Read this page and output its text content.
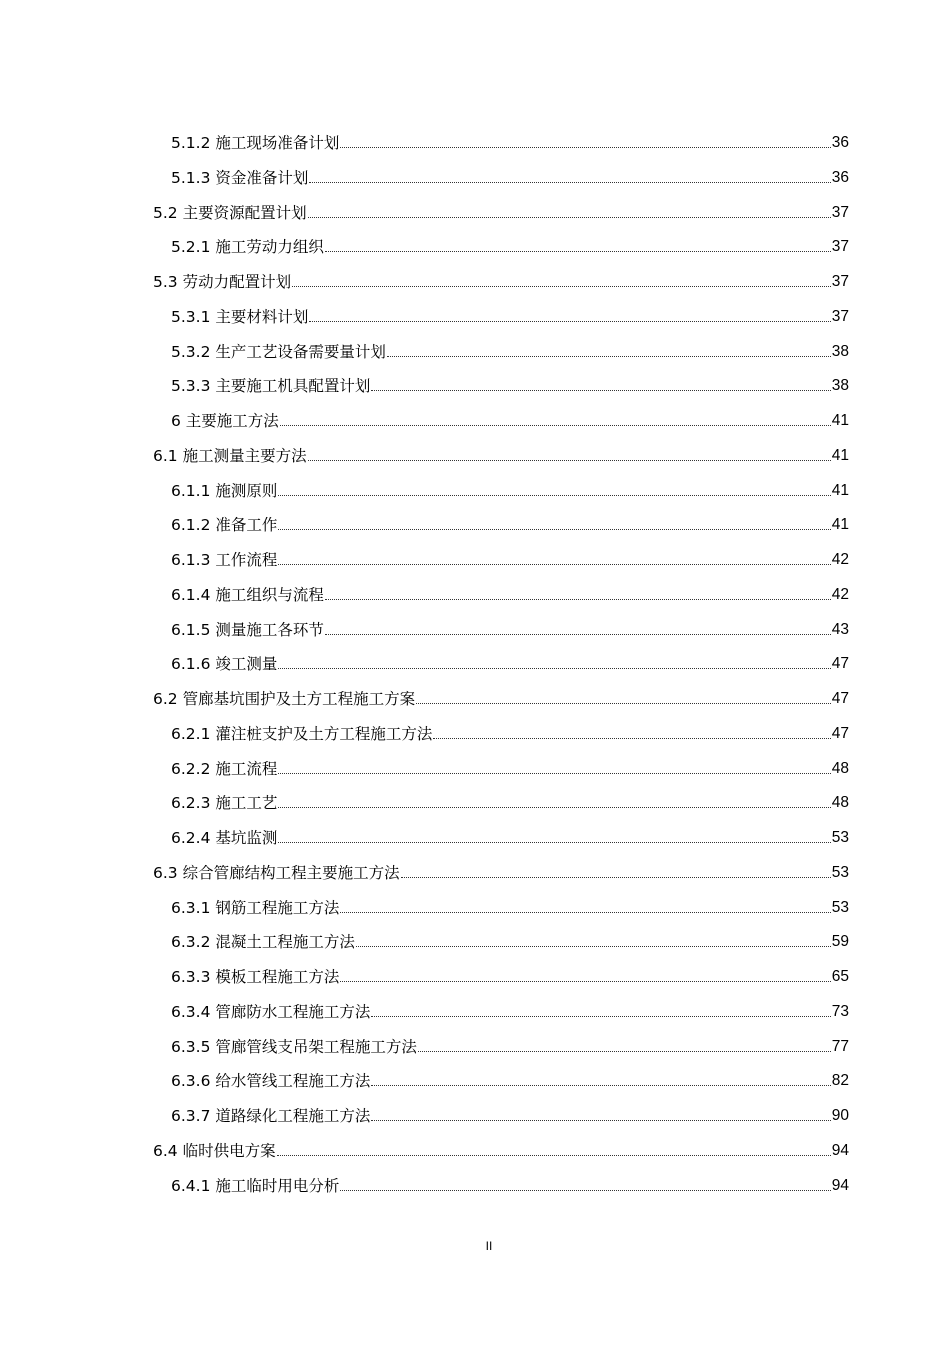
5.1.2 施工现场准备计划	36
5.1.3 资金准备计划	36
5.2 主要资源配置计划	37
5.2.1 施工劳动力组织	37
5.3 劳动力配置计划	37
5.3.1 主要材料计划	37
5.3.2 生产工艺设备需要量计划	38
5.3.3 主要施工机具配置计划	38
6 主要施工方法	41
6.1 施工测量主要方法	41
6.1.1 施测原则	41
6.1.2 准备工作	41
6.1.3 工作流程	42
6.1.4 施工组织与流程	42
6.1.5 测量施工各环节	43
6.1.6 竣工测量	47
6.2 管廊基坑围护及土方工程施工方案	47
6.2.1 灌注桩支护及土方工程施工方法	47
6.2.2 施工流程	48
6.2.3 施工工艺	48
6.2.4 基坑监测	53
6.3 综合管廊结构工程主要施工方法	53
6.3.1 钢筋工程施工方法	53
6.3.2 混凝土工程施工方法	59
6.3.3 模板工程施工方法	65
6.3.4 管廊防水工程施工方法	73
6.3.5 管廊管线支吊架工程施工方法	77
6.3.6 给水管线工程施工方法	82
6.3.7 道路绿化工程施工方法	90
6.4 临时供电方案	94
6.4.1 施工临时用电分析	94
II
